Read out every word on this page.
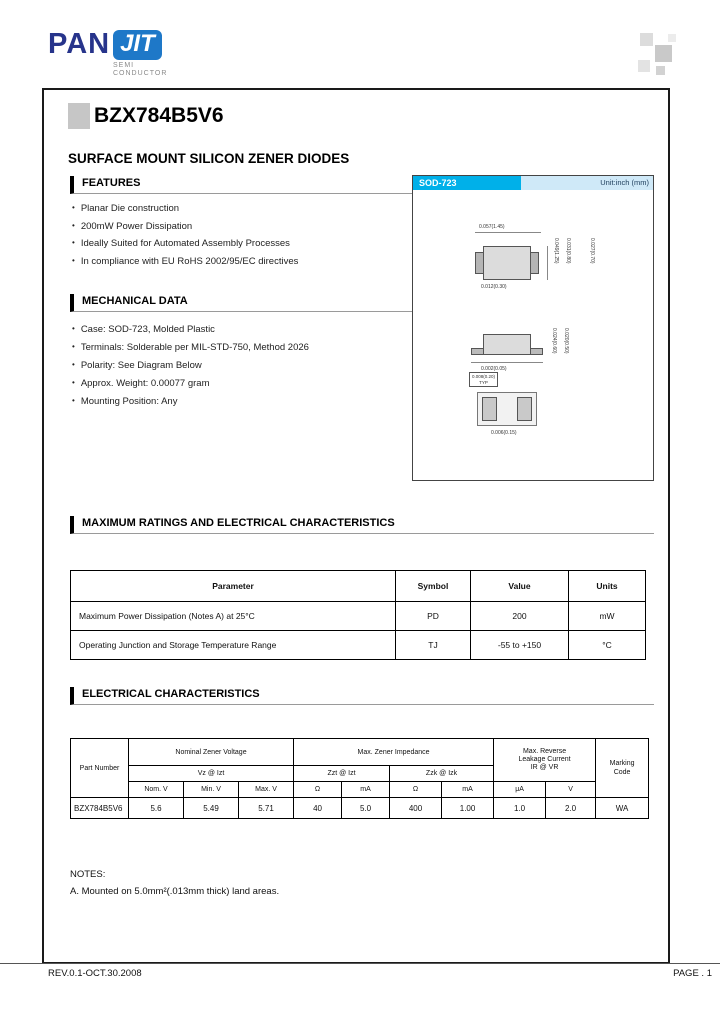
PAN JIT
SEMI
CONDUCTOR
BZX784B5V6
SURFACE MOUNT SILICON ZENER DIODES
FEATURES
• Planar Die construction
• 200mW Power Dissipation
• Ideally Suited for Automated Assembly Processes
• In compliance with EU RoHS 2002/95/EC directives
MECHANICAL DATA
• Case: SOD-723, Molded Plastic
• Terminals: Solderable per MIL-STD-750, Method 2026
• Polarity: See Diagram Below
• Approx. Weight: 0.00077 gram
• Mounting Position: Any
SOD-723	Unit:inch (mm)
0.057(1.45)
0.049(1.25) 0.031(0.80)	0.027(0.70)
0.012(0.30)
0.002(0.05)
0.024(0.60) 0.020(0.50)
0.008(0.20)
TYP
0.006(0.15)
MAXIMUM RATINGS AND ELECTRICAL CHARACTERISTICS
Parameter	Symbol	Value	Units
Maximum Power Dissipation (Notes A) at 25°C	PD	200	mW
Operating Junction and Storage Temperature Range	TJ	-55 to +150	°C
ELECTRICAL CHARACTERISTICS
Part Number	Nominal Zener Voltage	Max. Zener Impedance	Max. Reverse
Leakage Current
IR @ VR

Marking
Code

	Vz @ Izt			Zzt @ Izt		Zzk @ Izk				
	Nom. V	Min. V	Max. V	Ω	mA	Ω	mA	μA	V	
BZX784B5V6	5.6	5.49	5.71	40	5.0	400	1.00	1.0	2.0	WA
NOTES:
A. Mounted on 5.0mm²(.013mm thick) land areas.
REV.0.1-OCT.30.2008	PAGE . 1
